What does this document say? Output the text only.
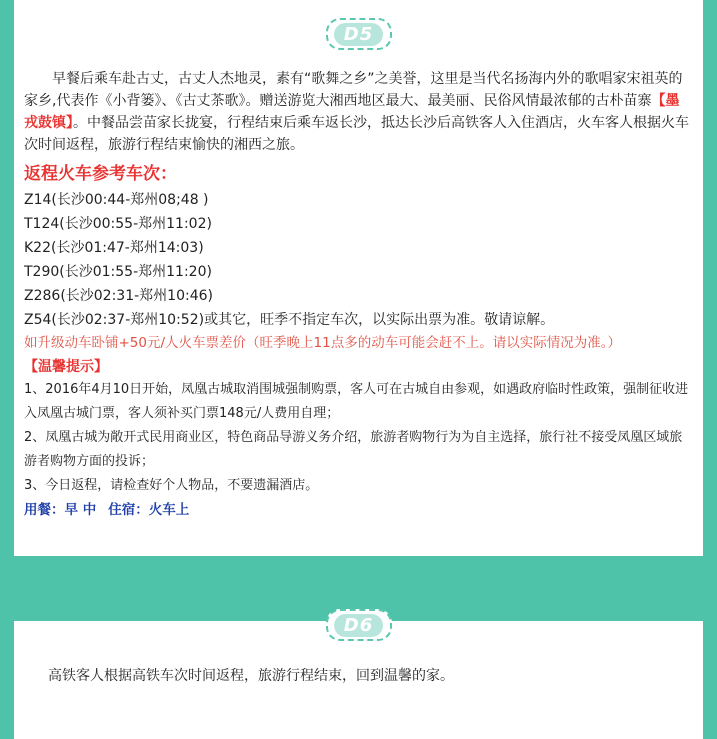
D5

早餐后乘车赴古丈，古丈人杰地灵，素有“歌舞之乡”之美誉，这里是当代名扬海内外的歌唱家宋祖英的家乡,代表作《小背篓》、《古丈茶歌》。赠送游览大湘西地区最大、最美丽、民俗风情最浓郁的古朴苗寨【墨戎鼓镇】。中餐品尝苗家长拢宴，行程结束后乘车返长沙，抵达长沙后高铁客人入住酒店，火车客人根据火车次时间返程，旅游行程结束愉快的湘西之旅。

返程火车参考车次：

Z14(长沙00:44-郑州08;48 )

T124(长沙00:55-郑州11:02)

K22(长沙01:47-郑州14:03)

T290(长沙01:55-郑州11:20)

Z286(长沙02:31-郑州10:46)

Z54(长沙02:37-郑州10:52)或其它，旺季不指定车次，以实际出票为准。敬请谅解。

如升级动车卧铺+50元/人火车票差价（旺季晚上11点多的动车可能会赶不上。请以实际情况为准。）

【温馨提示】

1、2016年4月10日开始，凤凰古城取消围城强制购票，客人可在古城自由参观，如遇政府临时性政策，强制征收进入凤凰古城门票，客人须补买门票148元/人费用自理；

2、凤凰古城为敞开式民用商业区，特色商品导游义务介绍，旅游者购物行为为自主选择，旅行社不接受凤凰区域旅游者购物方面的投诉；

3、今日返程，请检查好个人物品，不要遗漏酒店。

用餐：早 中 住宿：火车上

D6

高铁客人根据高铁车次时间返程，旅游行程结束，回到温馨的家。
